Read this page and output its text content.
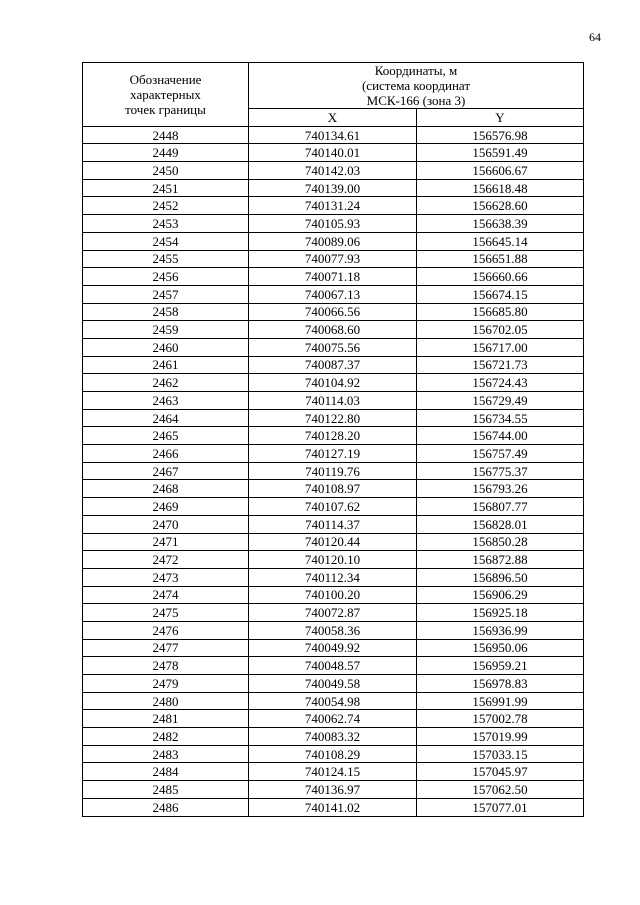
64
Обозначение
характерных
точек границы	Координаты, м
(система координат
МСК-166 (зона 3)	

	X	Y
2448	740134.61	156576.98
2449	740140.01	156591.49
2450	740142.03	156606.67
2451	740139.00	156618.48
2452	740131.24	156628.60
2453	740105.93	156638.39
2454	740089.06	156645.14
2455	740077.93	156651.88
2456	740071.18	156660.66
2457	740067.13	156674.15
2458	740066.56	156685.80
2459	740068.60	156702.05
2460	740075.56	156717.00
2461	740087.37	156721.73
2462	740104.92	156724.43
2463	740114.03	156729.49
2464	740122.80	156734.55
2465	740128.20	156744.00
2466	740127.19	156757.49
2467	740119.76	156775.37
2468	740108.97	156793.26
2469	740107.62	156807.77
2470	740114.37	156828.01
2471	740120.44	156850.28
2472	740120.10	156872.88
2473	740112.34	156896.50
2474	740100.20	156906.29
2475	740072.87	156925.18
2476	740058.36	156936.99
2477	740049.92	156950.06
2478	740048.57	156959.21
2479	740049.58	156978.83
2480	740054.98	156991.99
2481	740062.74	157002.78
2482	740083.32	157019.99
2483	740108.29	157033.15
2484	740124.15	157045.97
2485	740136.97	157062.50
2486	740141.02	157077.01
